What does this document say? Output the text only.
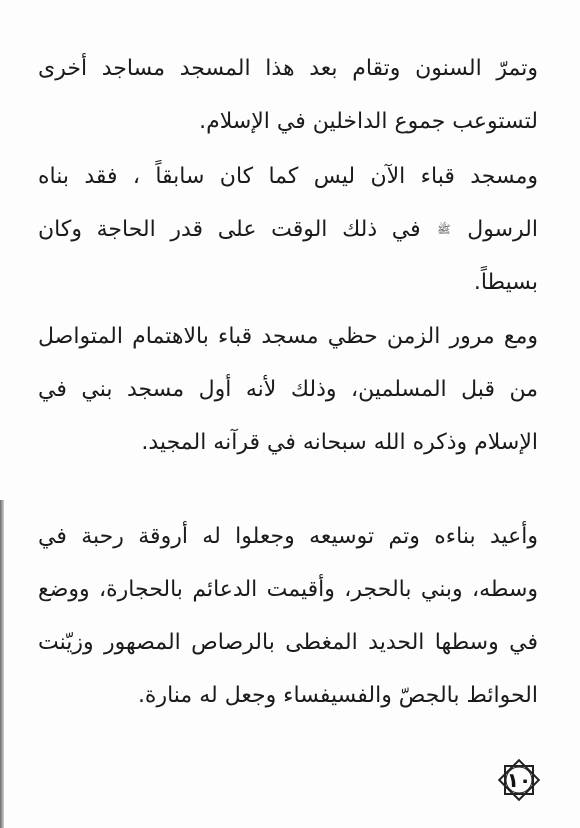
وتمرّ السنون وتقام بعد هذا المسجد مساجد أخرى لتستوعب جموع الداخلين في الإسلام.

ومسجد قباء الآن ليس كما كان سابقاً ، فقد بناه الرسول ﷺ في ذلك الوقت على قدر الحاجة وكان بسيطاً.

ومع مرور الزمن حظي مسجد قباء بالاهتمام المتواصل من قبل المسلمين، وذلك لأنه أول مسجد بني في الإسلام وذكره الله سبحانه في قرآنه المجيد.

وأعيد بناءه وتم توسيعه وجعلوا له أروقة رحبة في وسطه، وبني بالحجر، وأقيمت الدعائم بالحجارة، ووضع في وسطها الحديد المغطى بالرصاص المصهور وزيّنت الحوائط بالجصّ والفسيفساء وجعل له منارة.

١٠
